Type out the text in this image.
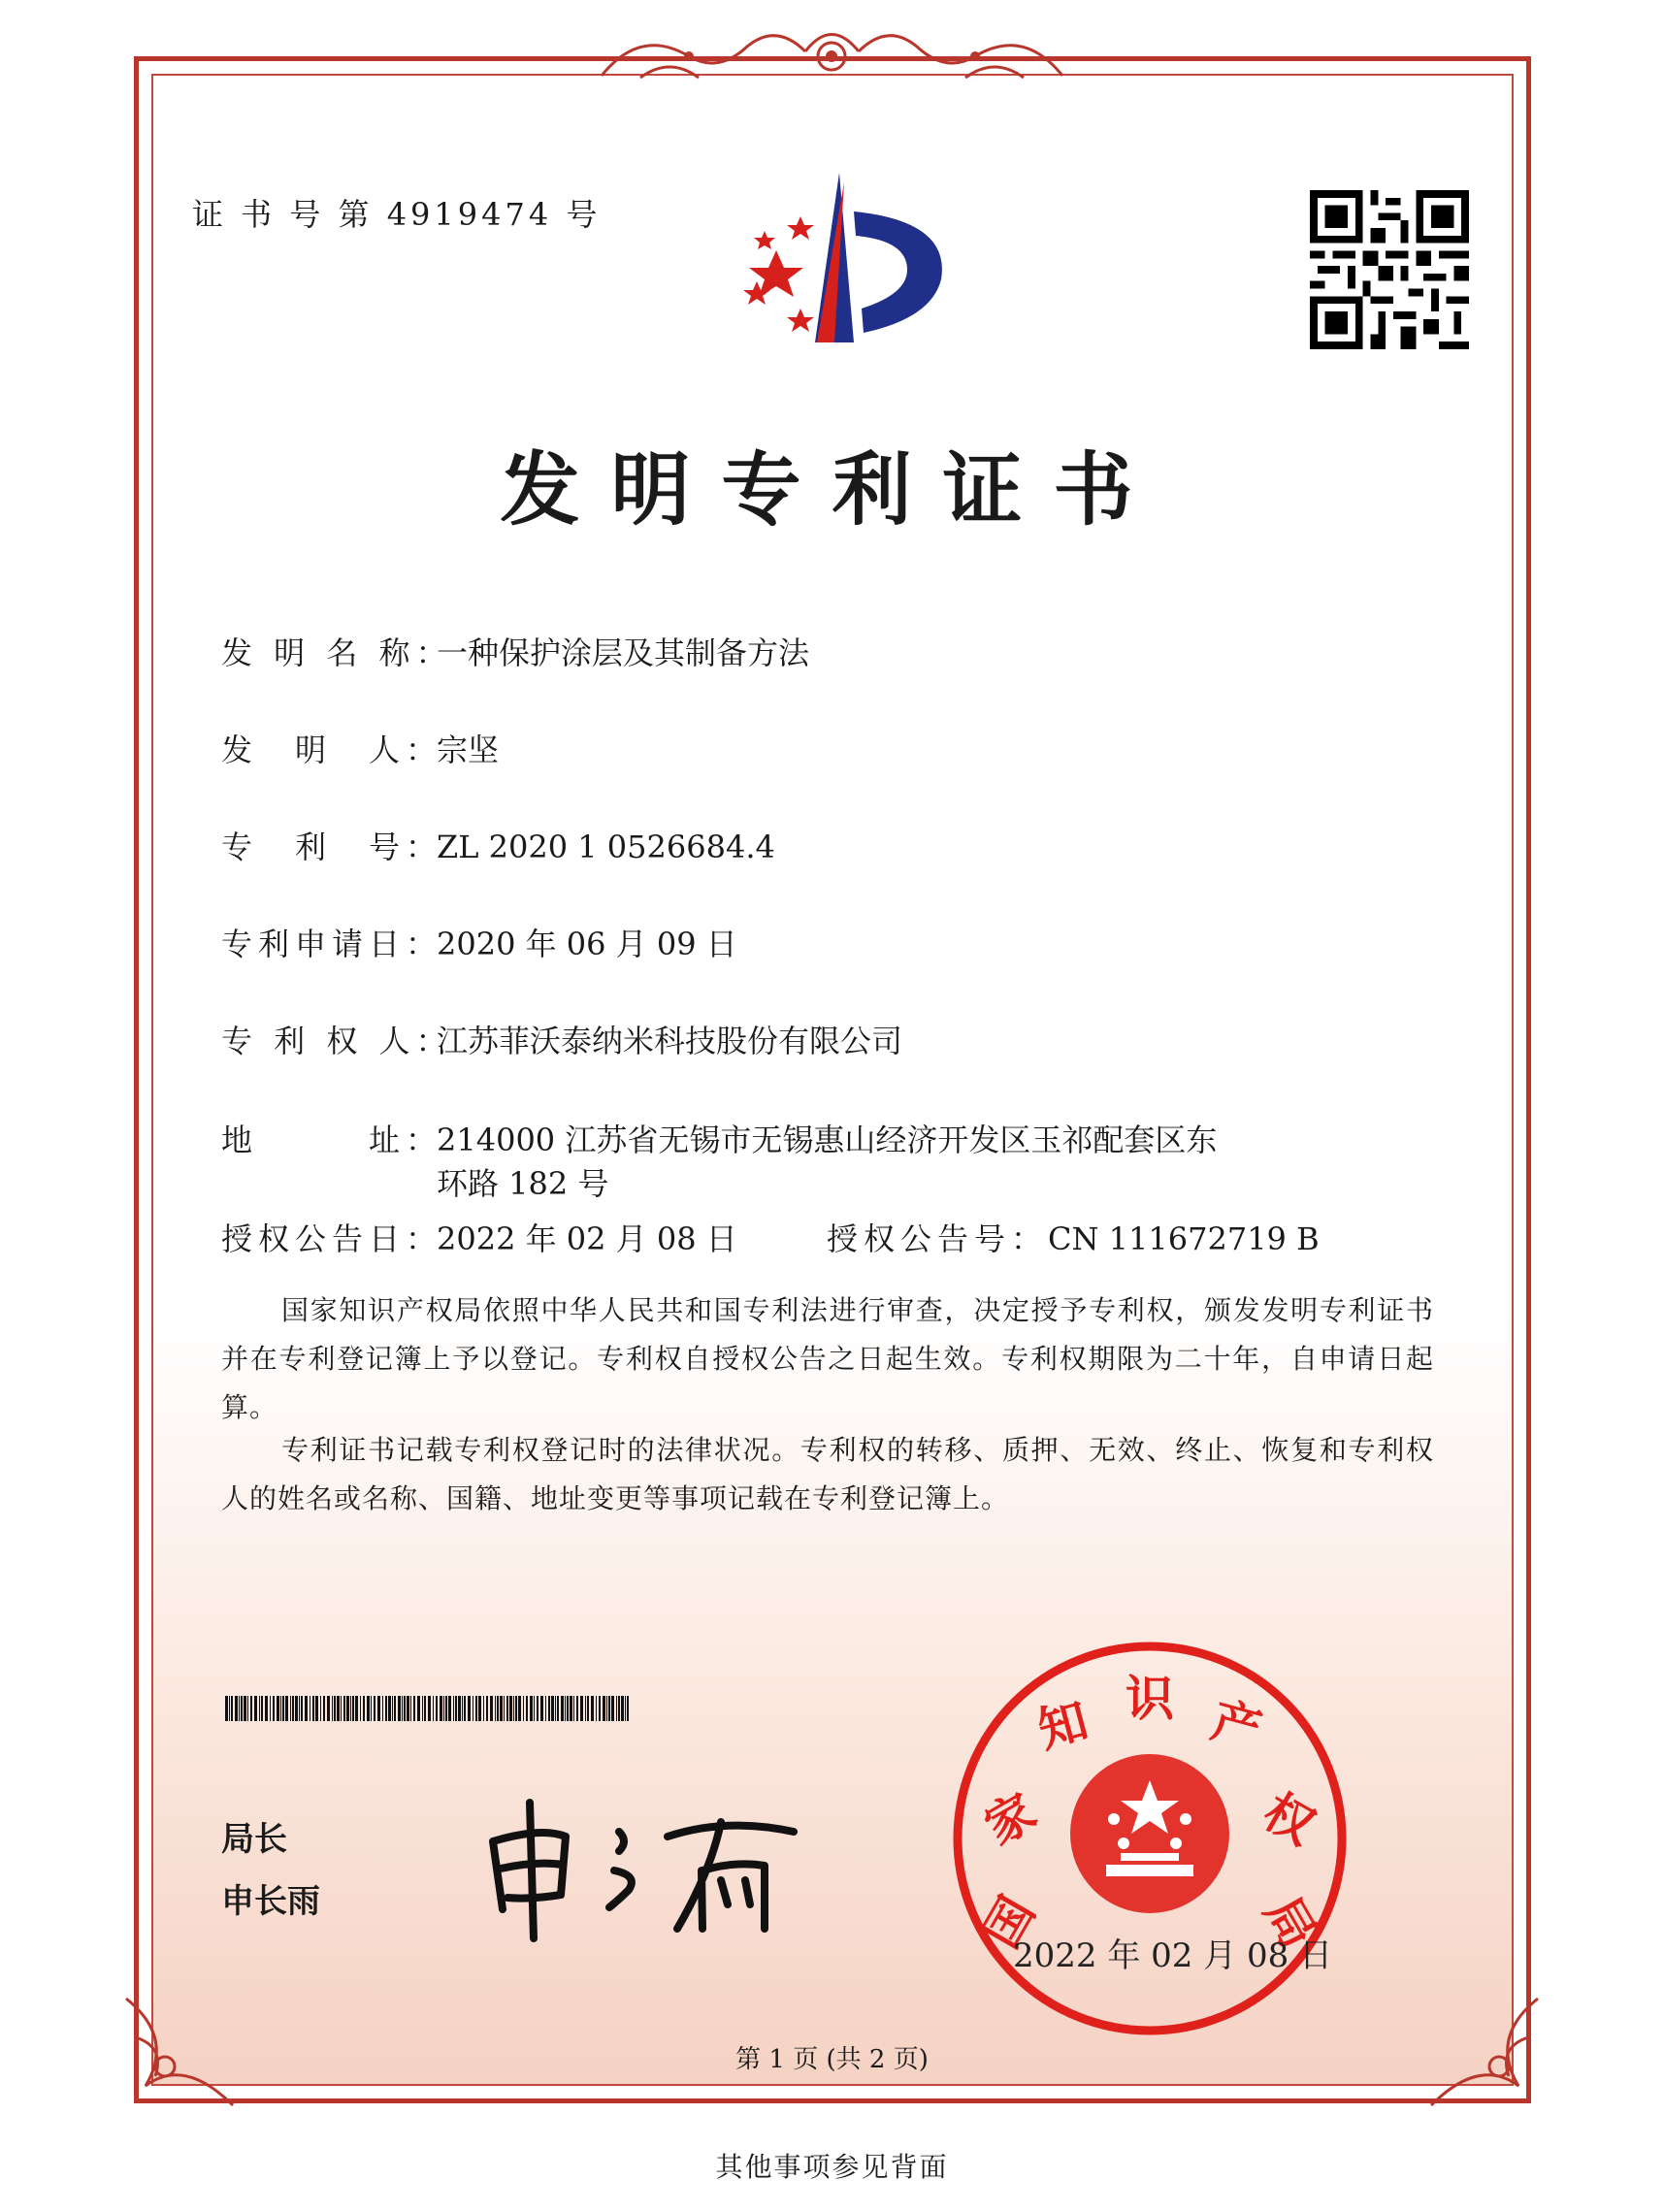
证 书 号 第 4919474 号
发明专利证书
发 明 名 称：一种保护涂层及其制备方法
发　明　人：宗坚
专　利　号：ZL 2020 1 0526684.4
专利申请日：2020 年 06 月 09 日
专 利 权 人：江苏菲沃泰纳米科技股份有限公司
地　　　址：214000 江苏省无锡市无锡惠山经济开发区玉祁配套区东
环路 182 号
授权公告日：2022 年 02 月 08 日	授权公告号：CN 111672719 B
国家知识产权局依照中华人民共和国专利法进行审查，决定授予专利权，颁发发明专利证书并在专利登记簿上予以登记。专利权自授权公告之日起生效。专利权期限为二十年，自申请日起算。
专利证书记载专利权登记时的法律状况。专利权的转移、质押、无效、终止、恢复和专利权人的姓名或名称、国籍、地址变更等事项记载在专利登记簿上。
局长
申长雨	国
家
知 识 产
权
局
2022 年 02 月 08 日
第 1 页 (共 2 页)
其他事项参见背面
